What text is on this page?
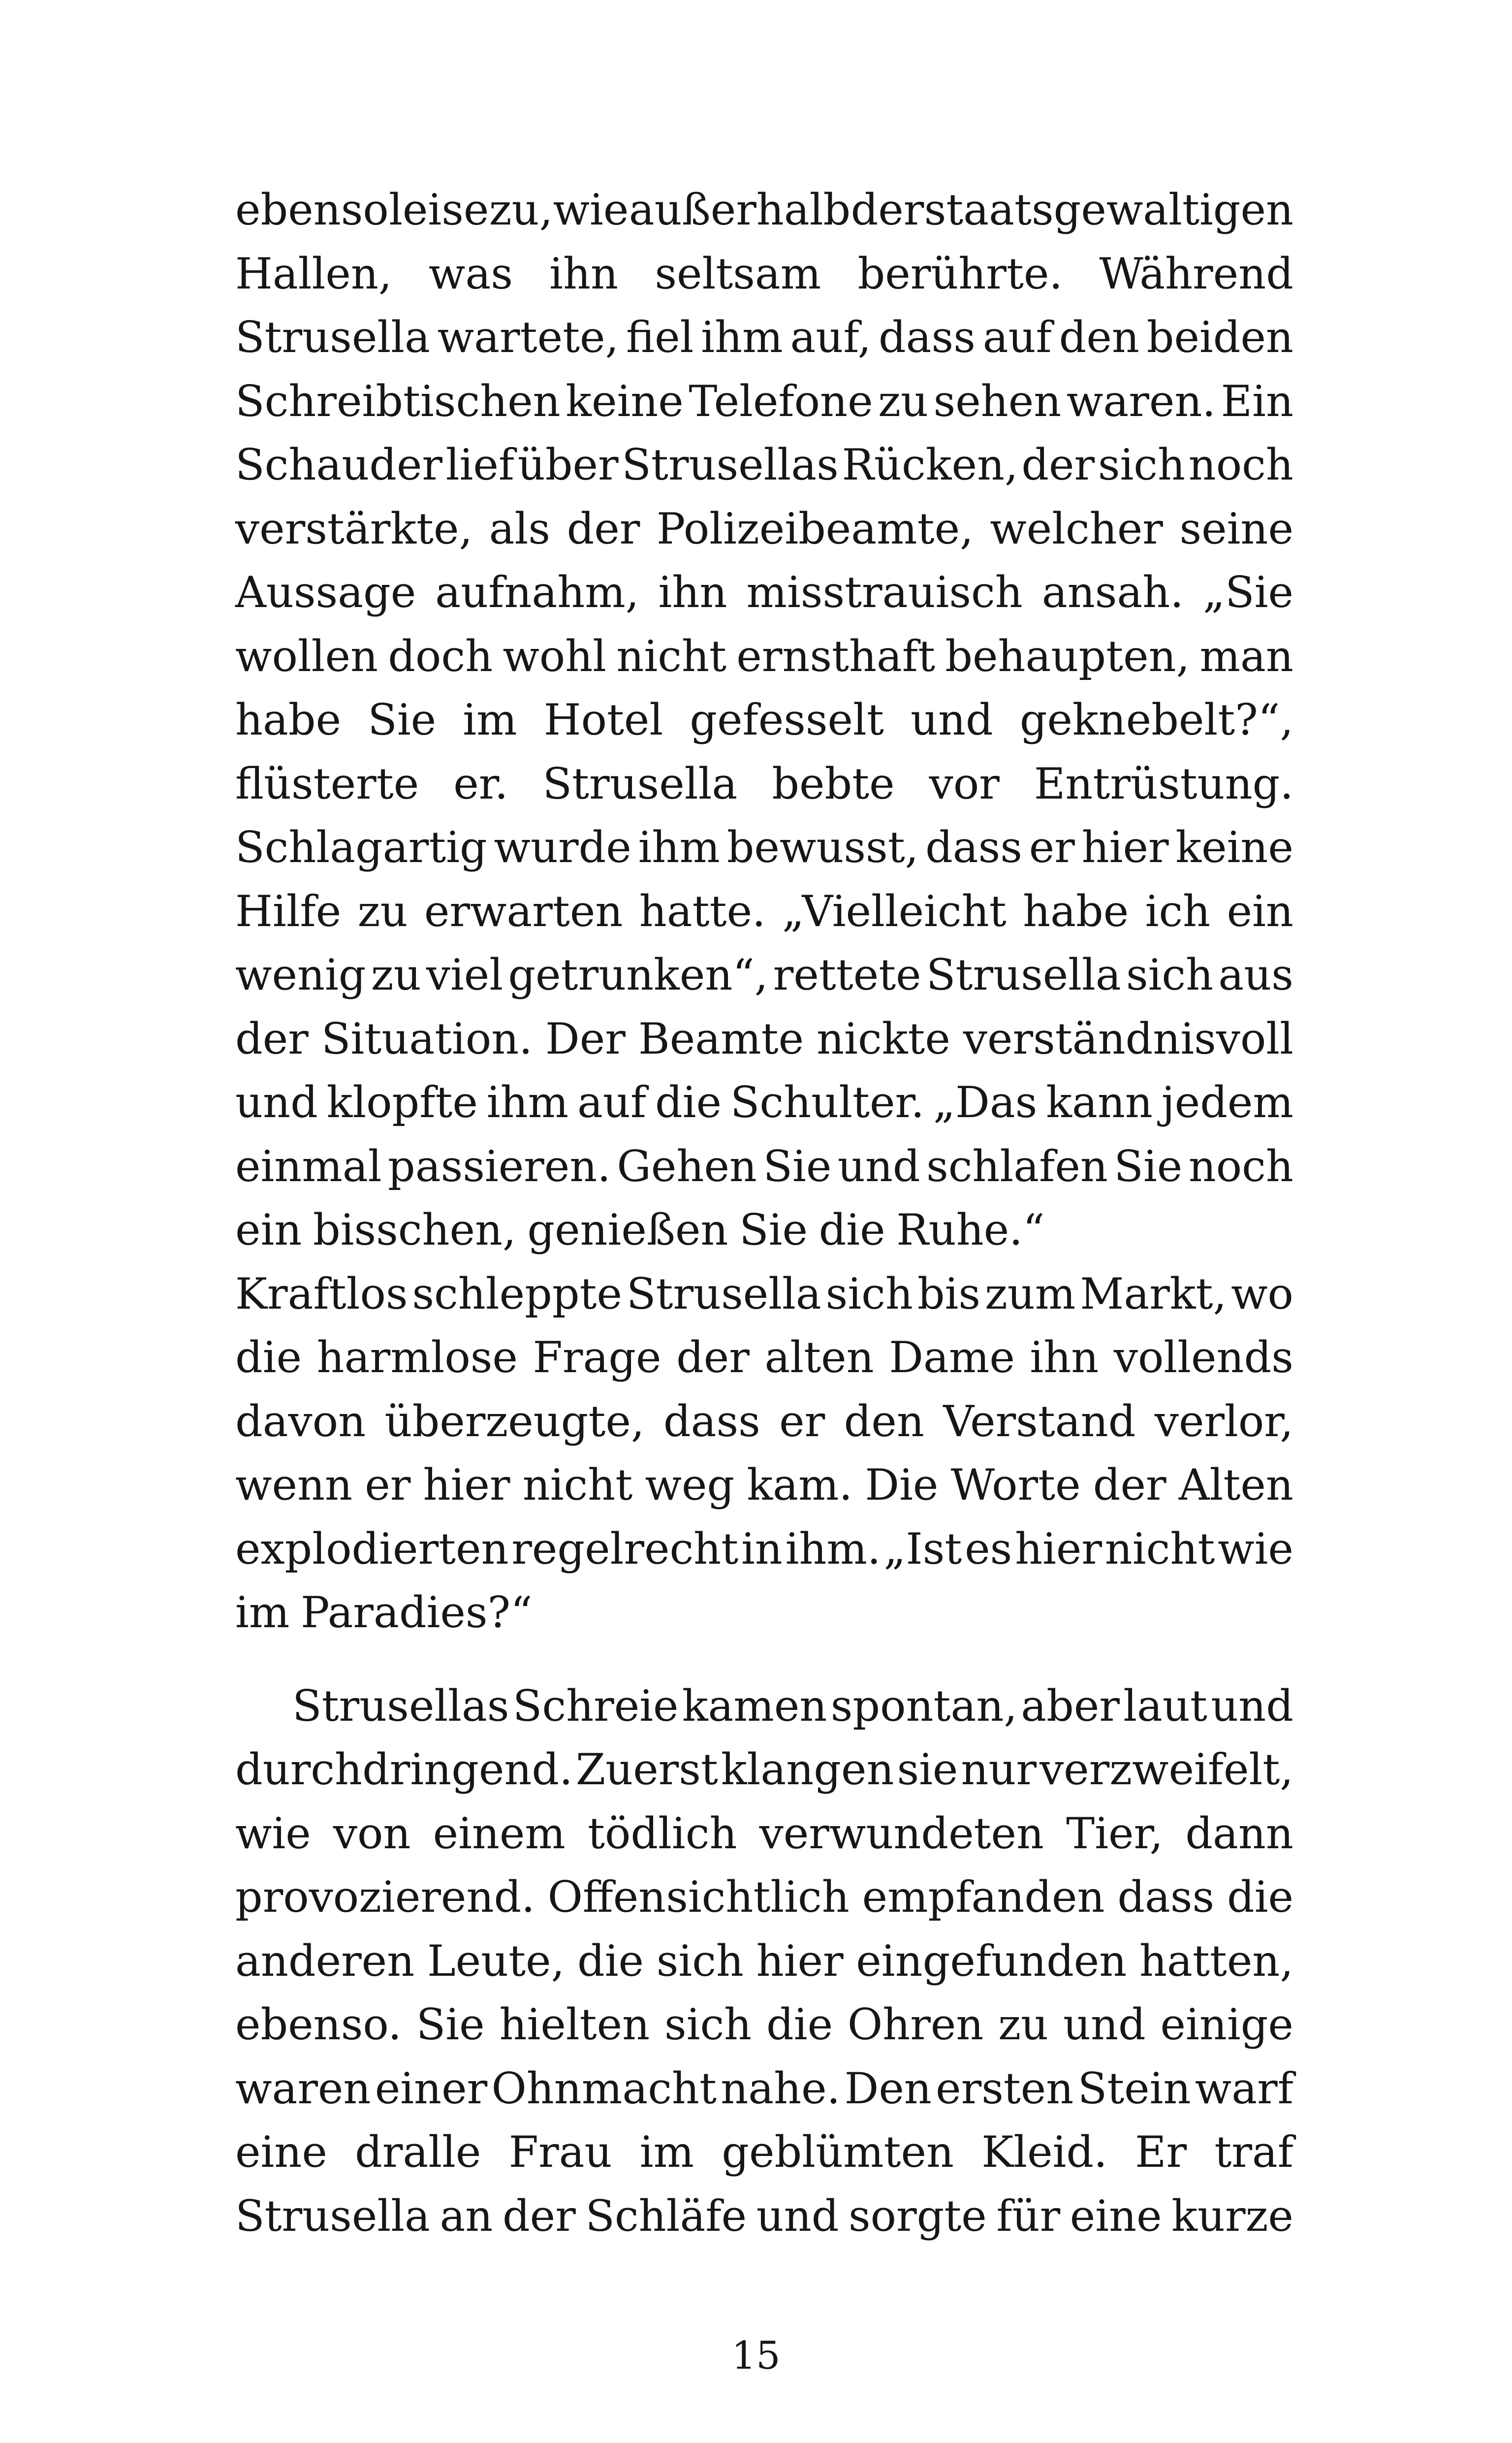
ebenso leise zu, wie außerhalb der staatsgewaltigen
Hallen, was ihn seltsam berührte. Während
Strusella wartete, fiel ihm auf, dass auf den beiden
Schreibtischen keine Telefone zu sehen waren. Ein
Schauder lief über Strusellas Rücken, der sich noch
verstärkte, als der Polizeibeamte, welcher seine
Aussage aufnahm, ihn misstrauisch ansah. „Sie
wollen doch wohl nicht ernsthaft behaupten, man
habe Sie im Hotel gefesselt und geknebelt?“,
flüsterte er. Strusella bebte vor Entrüstung.
Schlagartig wurde ihm bewusst, dass er hier keine
Hilfe zu erwarten hatte. „Vielleicht habe ich ein
wenig zu viel getrunken“, rettete Strusella sich aus
der Situation. Der Beamte nickte verständnisvoll
und klopfte ihm auf die Schulter. „Das kann jedem
einmal passieren. Gehen Sie und schlafen Sie noch
ein bisschen, genießen Sie die Ruhe.“
Kraftlos schleppte Strusella sich bis zum Markt, wo
die harmlose Frage der alten Dame ihn vollends
davon überzeugte, dass er den Verstand verlor,
wenn er hier nicht weg kam. Die Worte der Alten
explodierten regelrecht in ihm. „Ist es hier nicht wie
im Paradies?“
Strusellas Schreie kamen spontan, aber laut und
durchdringend. Zuerst klangen sie nur verzweifelt,
wie von einem tödlich verwundeten Tier, dann
provozierend. Offensichtlich empfanden dass die
anderen Leute, die sich hier eingefunden hatten,
ebenso. Sie hielten sich die Ohren zu und einige
waren einer Ohnmacht nahe. Den ersten Stein warf
eine dralle Frau im geblümten Kleid. Er traf
Strusella an der Schläfe und sorgte für eine kurze
15
